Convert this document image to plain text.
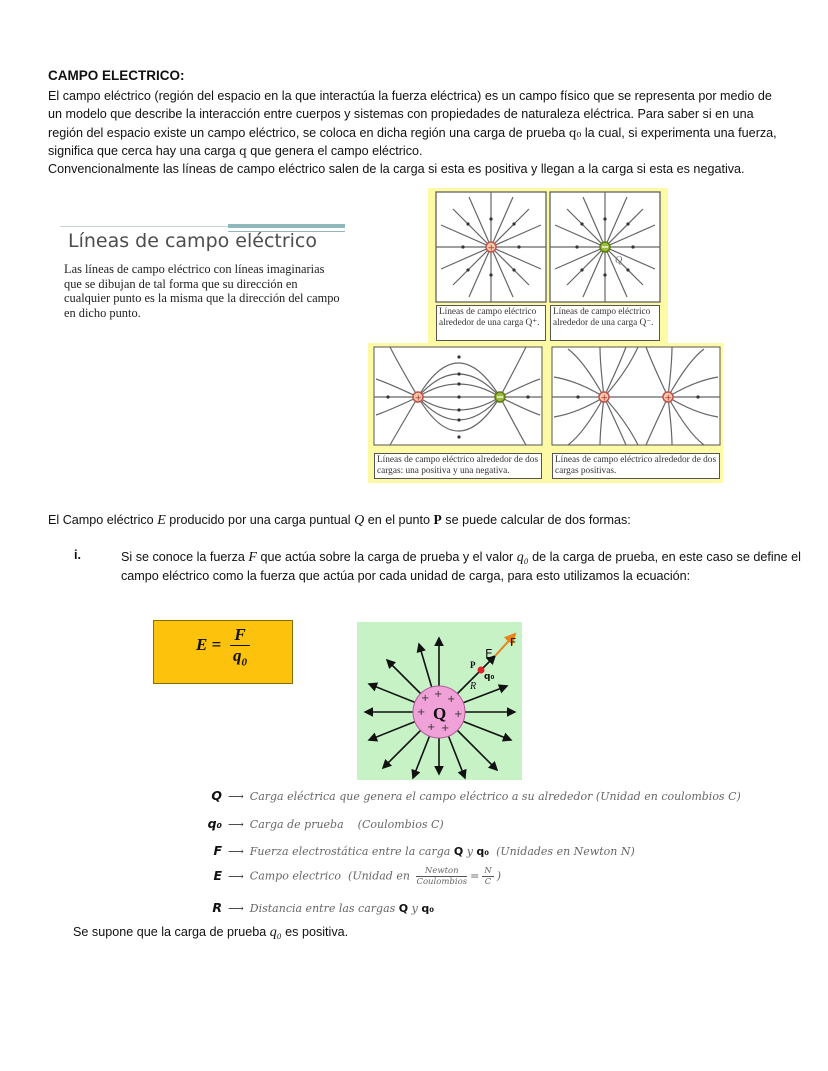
CAMPO ELECTRICO:

El campo eléctrico (región del espacio en la que interactúa la fuerza eléctrica) es un campo físico que se representa por medio de un modelo que describe la interacción entre cuerpos y sistemas con propiedades de naturaleza eléctrica. Para saber si en una región del espacio existe un campo eléctrico, se coloca en dicha región una carga de prueba q₀ la cual, si experimenta una fuerza, significa que cerca hay una carga q que genera el campo eléctrico.

Convencionalmente las líneas de campo eléctrico salen de la carga si esta es positiva y llegan a la carga si esta es negativa.

Líneas de campo eléctrico
Las líneas de campo eléctrico con líneas imaginarias que se dibujan de tal forma que su dirección en cualquier punto es la misma que la dirección del campo en dicho punto.
+
Q
Líneas de campo eléctrico alrededor de una carga Q⁺.
Líneas de campo eléctrico alrededor de una carga Q⁻.
+	+	+
Líneas de campo eléctrico alrededor de dos cargas: una positiva y una negativa.
Líneas de campo eléctrico alrededor de dos cargas positivas.
El Campo eléctrico E producido por una carga puntual Q en el punto P se puede calcular de dos formas:
i.	Si se conoce la fuerza F que actúa sobre la carga de prueba y el valor q₀ de la carga de prueba, en este caso se define el campo eléctrico como la fuerza que actúa por cada unidad de carga, para esto utilizamos la ecuación:
E =
F
$q_0$
+ + +
+	+
+ +
Q
E
F
P
q₀
R
Q ⟶ Carga eléctrica que genera el campo eléctrico a su alrededor (Unidad en coulombios C)
q₀ ⟶ Carga de prueba (Coulombios C)
F ⟶ Fuerza electrostática entre la carga Q y q₀ (Unidades en Newton N)
E ⟶ Campo electrico (Unidad en $\frac{\text{Newton}}{\text{Coulombios}} = \frac{N}{C}$ )
R ⟶ Distancia entre las cargas Q y q₀
Se supone que la carga de prueba q₀ es positiva.
